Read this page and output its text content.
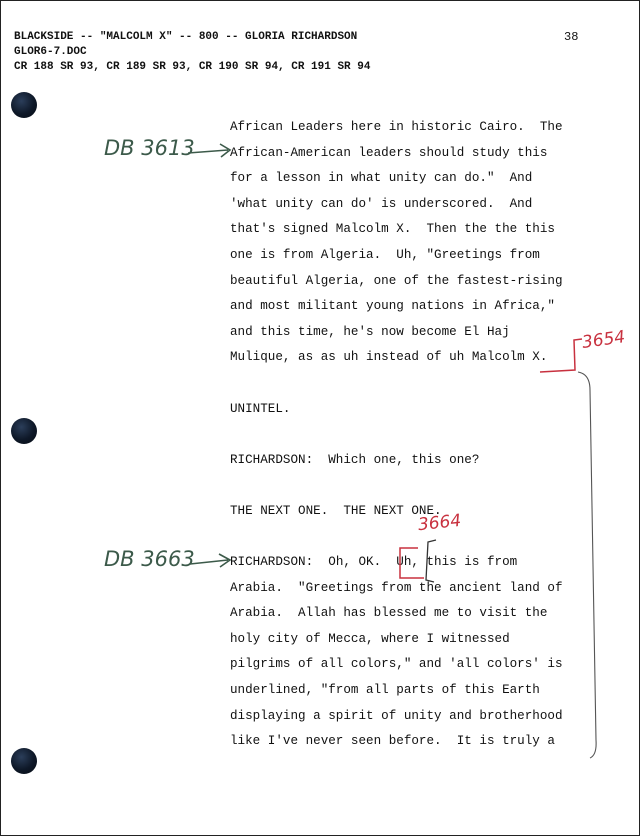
BLACKSIDE -- "MALCOLM X" -- 800 -- GLORIA RICHARDSON
GLOR6-7.DOC
CR 188 SR 93, CR 189 SR 93, CR 190 SR 94, CR 191 SR 94
38
African Leaders here in historic Cairo.  The
African-American leaders should study this
for a lesson in what unity can do."  And
'what unity can do' is underscored.  And
that's signed Malcolm X.  Then the the this
one is from Algeria.  Uh, "Greetings from
beautiful Algeria, one of the fastest-rising
and most militant young nations in Africa,"
and this time, he's now become El Haj
Mulique, as as uh instead of uh Malcolm X.
UNINTEL.
RICHARDSON:  Which one, this one?
THE NEXT ONE.  THE NEXT ONE.
RICHARDSON:  Oh, OK.  Uh, this is from
Arabia.  "Greetings from the ancient land of
Arabia.  Allah has blessed me to visit the
holy city of Mecca, where I witnessed
pilgrims of all colors," and 'all colors' is
underlined, "from all parts of this Earth
displaying a spirit of unity and brotherhood
like I've never seen before.  It is truly a
DB 3613
DB 3663
3654
3664
